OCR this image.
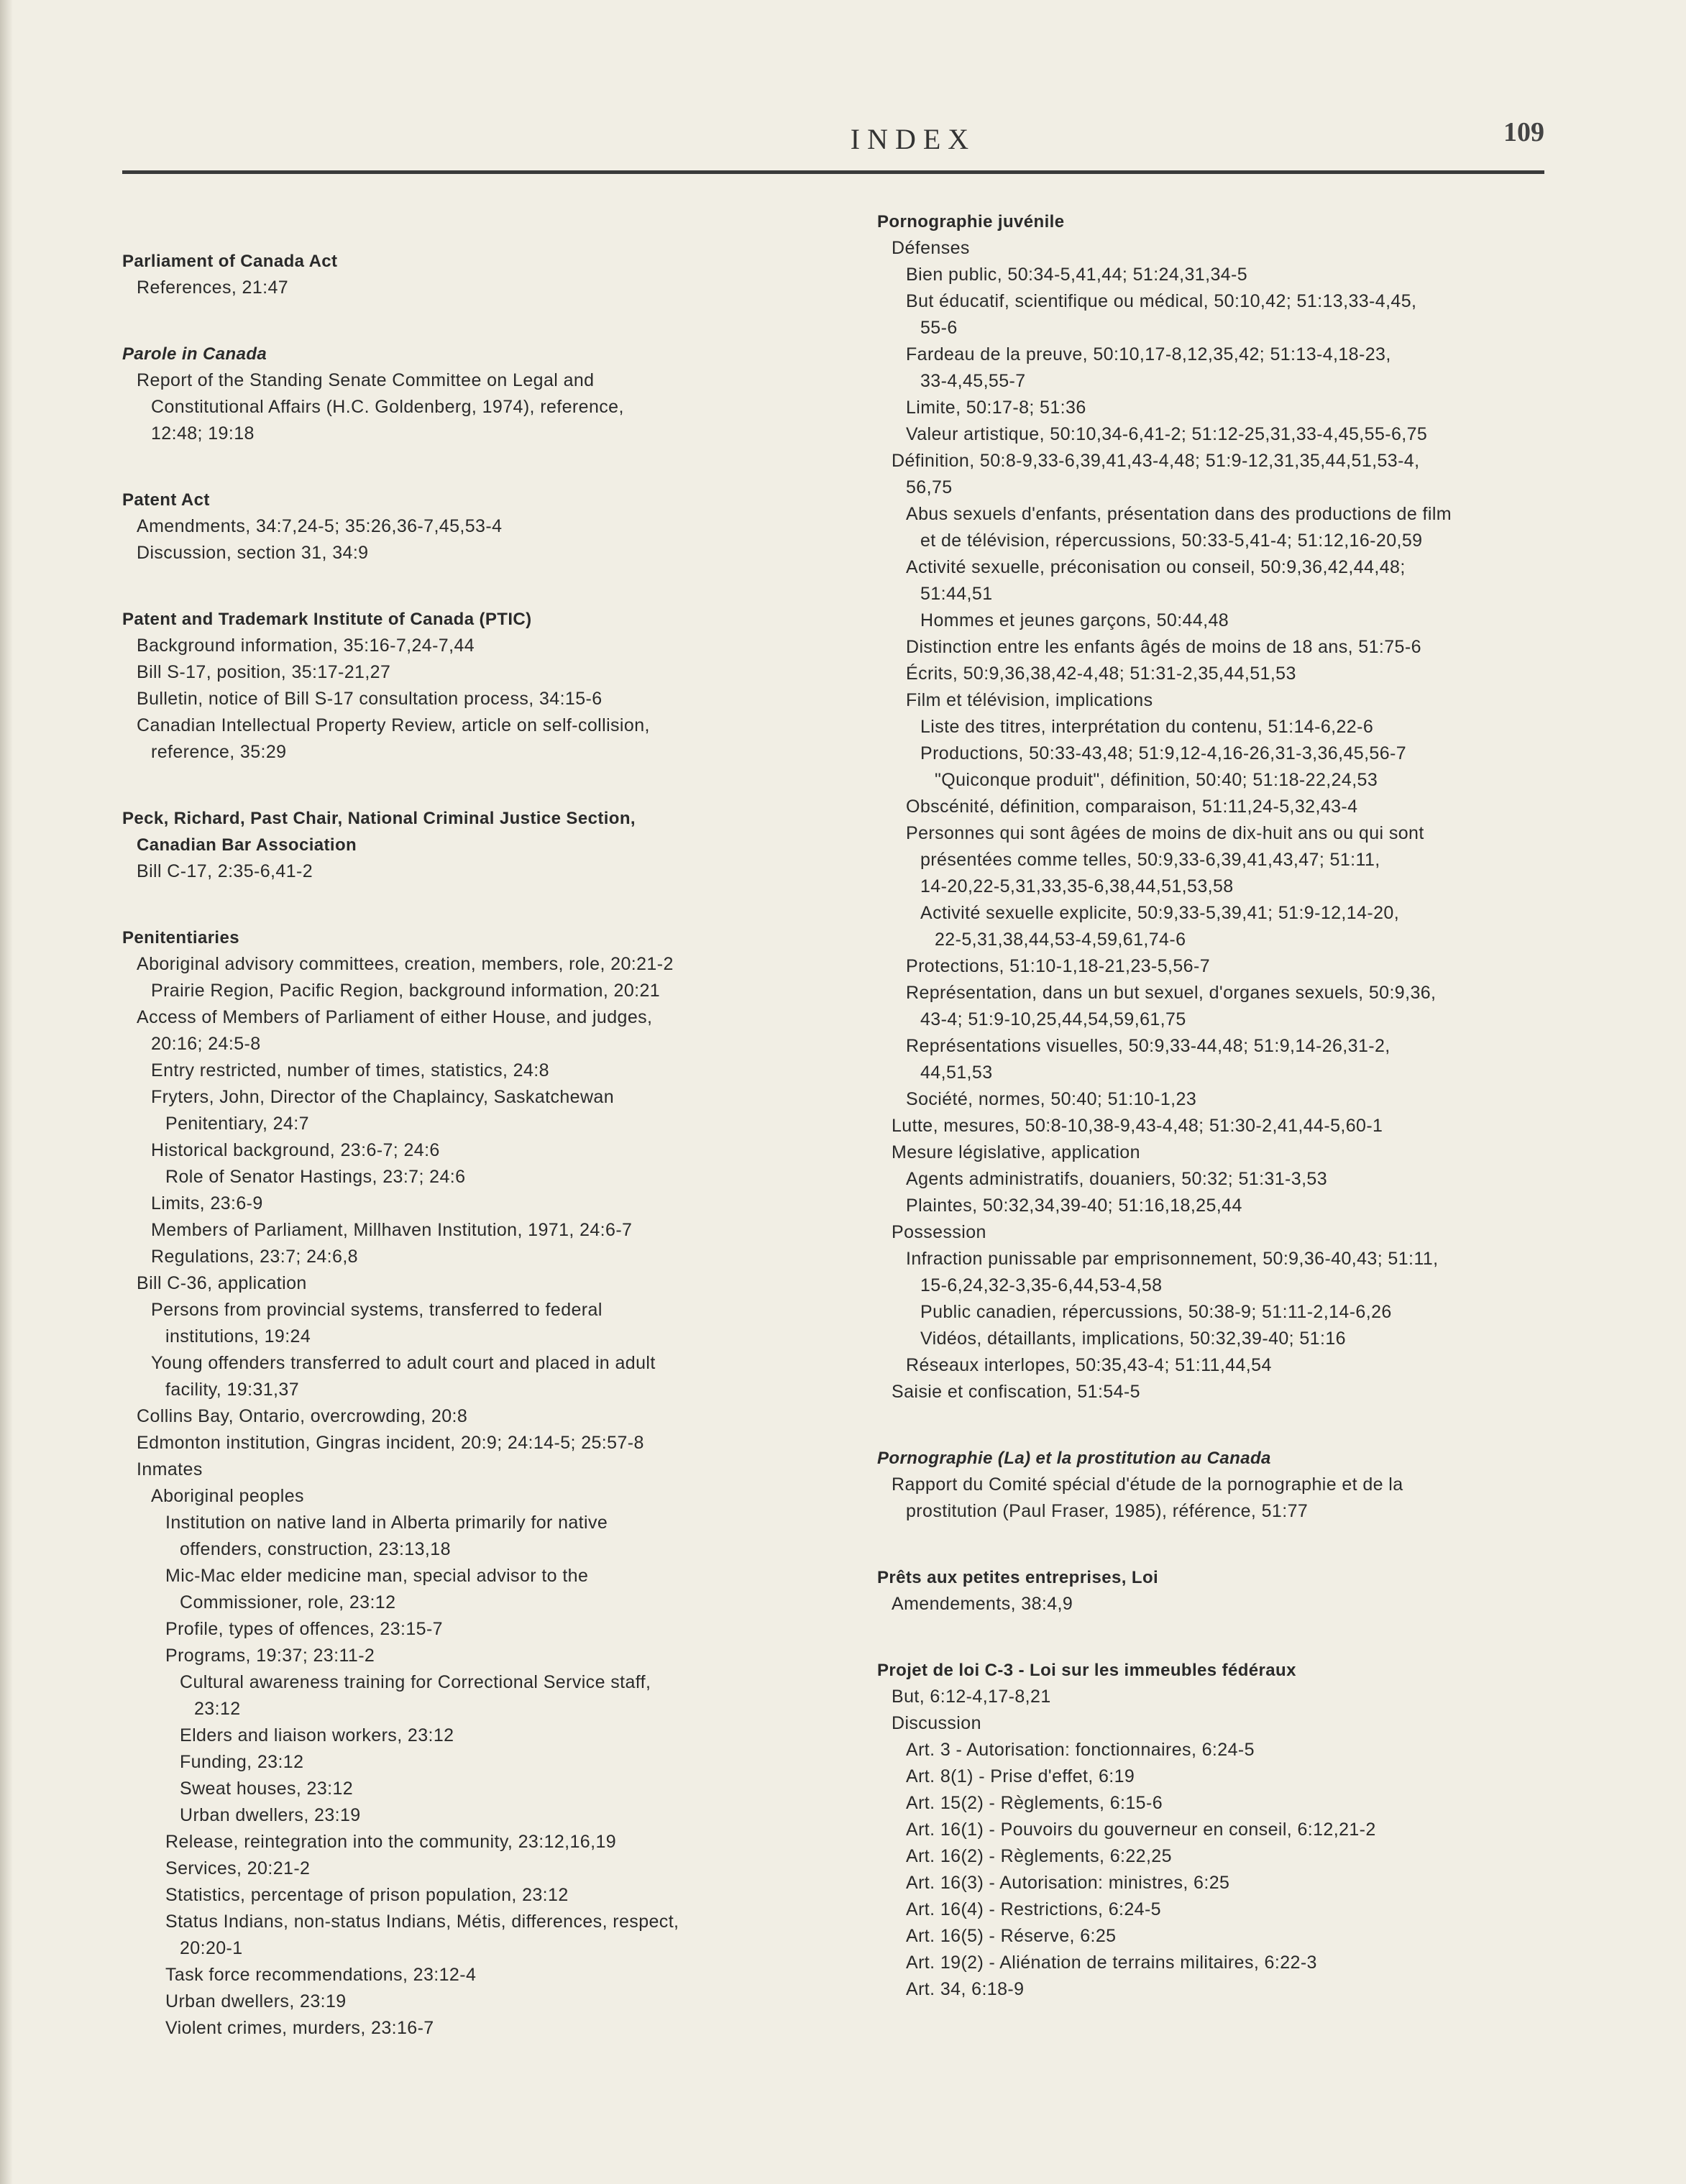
INDEX	109
Parliament of Canada Act
References, 21:47
Parole in Canada
Report of the Standing Senate Committee on Legal and
Constitutional Affairs (H.C. Goldenberg, 1974), reference,
12:48; 19:18
Patent Act
Amendments, 34:7,24-5; 35:26,36-7,45,53-4
Discussion, section 31, 34:9
Patent and Trademark Institute of Canada (PTIC)
Background information, 35:16-7,24-7,44
Bill S-17, position, 35:17-21,27
Bulletin, notice of Bill S-17 consultation process, 34:15-6
Canadian Intellectual Property Review, article on self-collision,
reference, 35:29
Peck, Richard, Past Chair, National Criminal Justice Section,
Canadian Bar Association
Bill C-17, 2:35-6,41-2
Penitentiaries
Aboriginal advisory committees, creation, members, role, 20:21-2
Prairie Region, Pacific Region, background information, 20:21
Access of Members of Parliament of either House, and judges,
20:16; 24:5-8
Entry restricted, number of times, statistics, 24:8
Fryters, John, Director of the Chaplaincy, Saskatchewan
Penitentiary, 24:7
Historical background, 23:6-7; 24:6
Role of Senator Hastings, 23:7; 24:6
Limits, 23:6-9
Members of Parliament, Millhaven Institution, 1971, 24:6-7
Regulations, 23:7; 24:6,8
Bill C-36, application
Persons from provincial systems, transferred to federal
institutions, 19:24
Young offenders transferred to adult court and placed in adult
facility, 19:31,37
Collins Bay, Ontario, overcrowding, 20:8
Edmonton institution, Gingras incident, 20:9; 24:14-5; 25:57-8
Inmates
Aboriginal peoples
Institution on native land in Alberta primarily for native
offenders, construction, 23:13,18
Mic-Mac elder medicine man, special advisor to the
Commissioner, role, 23:12
Profile, types of offences, 23:15-7
Programs, 19:37; 23:11-2
Cultural awareness training for Correctional Service staff,
23:12
Elders and liaison workers, 23:12
Funding, 23:12
Sweat houses, 23:12
Urban dwellers, 23:19
Release, reintegration into the community, 23:12,16,19
Services, 20:21-2
Statistics, percentage of prison population, 23:12
Status Indians, non-status Indians, Métis, differences, respect,
20:20-1
Task force recommendations, 23:12-4
Urban dwellers, 23:19
Violent crimes, murders, 23:16-7
Pornographie juvénile
Défenses
Bien public, 50:34-5,41,44; 51:24,31,34-5
But éducatif, scientifique ou médical, 50:10,42; 51:13,33-4,45,
55-6
Fardeau de la preuve, 50:10,17-8,12,35,42; 51:13-4,18-23,
33-4,45,55-7
Limite, 50:17-8; 51:36
Valeur artistique, 50:10,34-6,41-2; 51:12-25,31,33-4,45,55-6,75
Définition, 50:8-9,33-6,39,41,43-4,48; 51:9-12,31,35,44,51,53-4,
56,75
Abus sexuels d'enfants, présentation dans des productions de film
et de télévision, répercussions, 50:33-5,41-4; 51:12,16-20,59
Activité sexuelle, préconisation ou conseil, 50:9,36,42,44,48;
51:44,51
Hommes et jeunes garçons, 50:44,48
Distinction entre les enfants âgés de moins de 18 ans, 51:75-6
Écrits, 50:9,36,38,42-4,48; 51:31-2,35,44,51,53
Film et télévision, implications
Liste des titres, interprétation du contenu, 51:14-6,22-6
Productions, 50:33-43,48; 51:9,12-4,16-26,31-3,36,45,56-7
"Quiconque produit", définition, 50:40; 51:18-22,24,53
Obscénité, définition, comparaison, 51:11,24-5,32,43-4
Personnes qui sont âgées de moins de dix-huit ans ou qui sont
présentées comme telles, 50:9,33-6,39,41,43,47; 51:11,
14-20,22-5,31,33,35-6,38,44,51,53,58
Activité sexuelle explicite, 50:9,33-5,39,41; 51:9-12,14-20,
22-5,31,38,44,53-4,59,61,74-6
Protections, 51:10-1,18-21,23-5,56-7
Représentation, dans un but sexuel, d'organes sexuels, 50:9,36,
43-4; 51:9-10,25,44,54,59,61,75
Représentations visuelles, 50:9,33-44,48; 51:9,14-26,31-2,
44,51,53
Société, normes, 50:40; 51:10-1,23
Lutte, mesures, 50:8-10,38-9,43-4,48; 51:30-2,41,44-5,60-1
Mesure législative, application
Agents administratifs, douaniers, 50:32; 51:31-3,53
Plaintes, 50:32,34,39-40; 51:16,18,25,44
Possession
Infraction punissable par emprisonnement, 50:9,36-40,43; 51:11,
15-6,24,32-3,35-6,44,53-4,58
Public canadien, répercussions, 50:38-9; 51:11-2,14-6,26
Vidéos, détaillants, implications, 50:32,39-40; 51:16
Réseaux interlopes, 50:35,43-4; 51:11,44,54
Saisie et confiscation, 51:54-5
Pornographie (La) et la prostitution au Canada
Rapport du Comité spécial d'étude de la pornographie et de la
prostitution (Paul Fraser, 1985), référence, 51:77
Prêts aux petites entreprises, Loi
Amendements, 38:4,9
Projet de loi C-3 - Loi sur les immeubles fédéraux
But, 6:12-4,17-8,21
Discussion
Art. 3 - Autorisation: fonctionnaires, 6:24-5
Art. 8(1) - Prise d'effet, 6:19
Art. 15(2) - Règlements, 6:15-6
Art. 16(1) - Pouvoirs du gouverneur en conseil, 6:12,21-2
Art. 16(2) - Règlements, 6:22,25
Art. 16(3) - Autorisation: ministres, 6:25
Art. 16(4) - Restrictions, 6:24-5
Art. 16(5) - Réserve, 6:25
Art. 19(2) - Aliénation de terrains militaires, 6:22-3
Art. 34, 6:18-9
